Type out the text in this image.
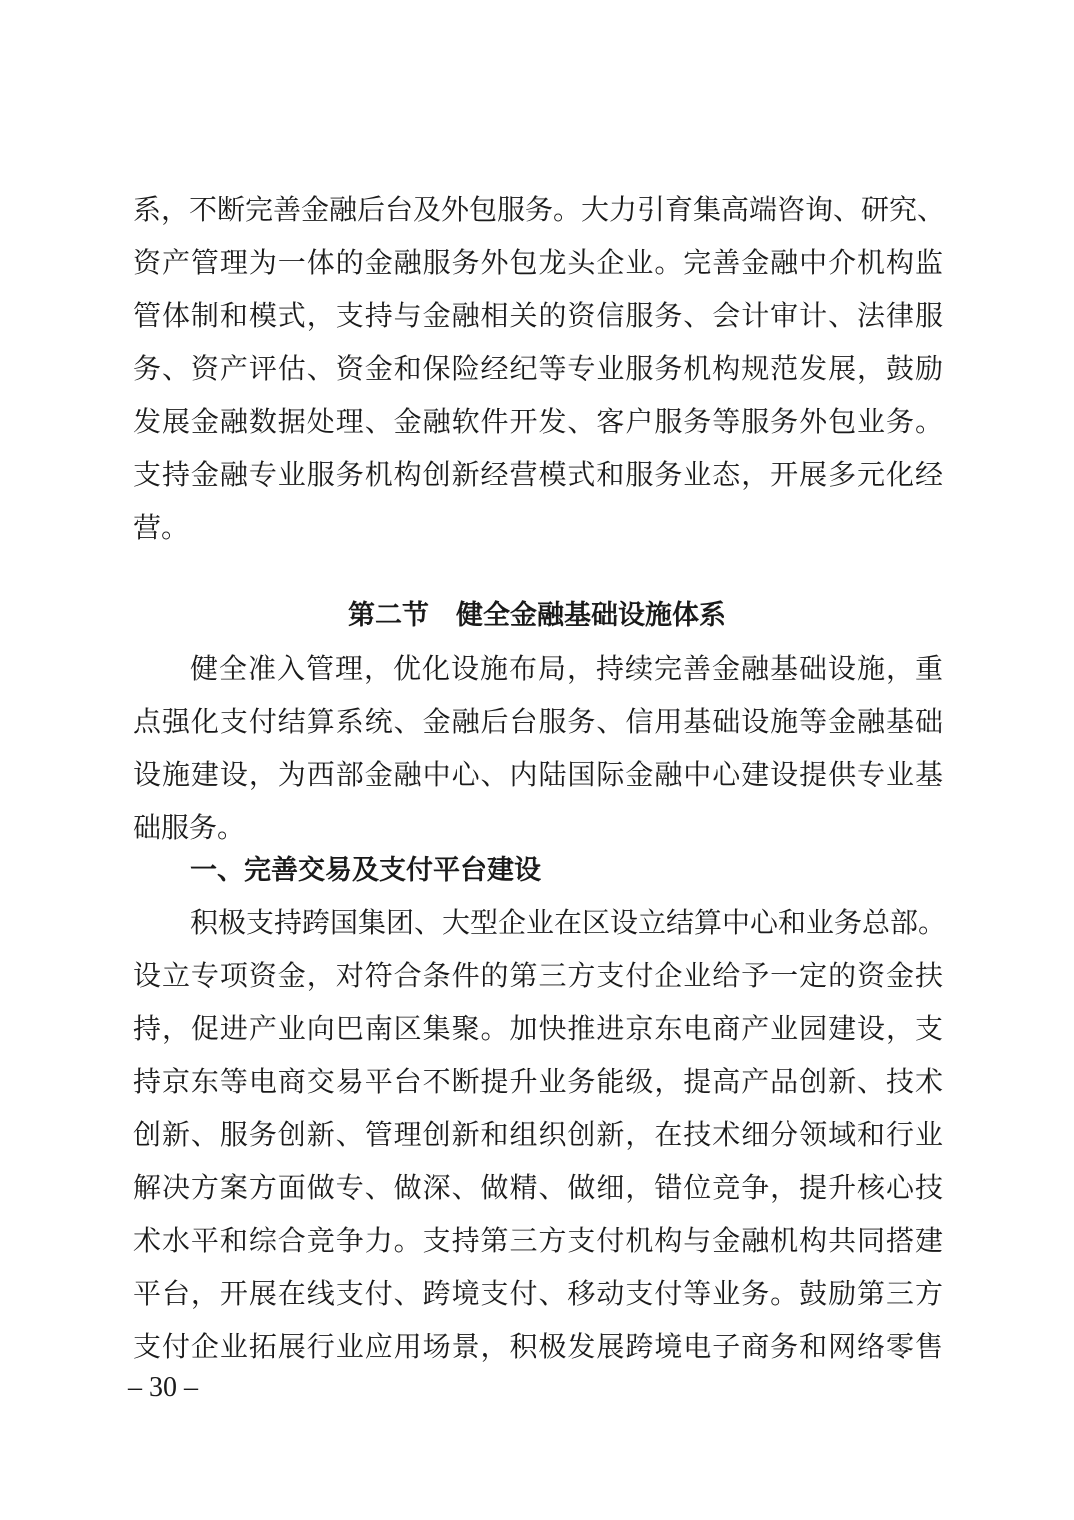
系，不断完善金融后台及外包服务。大力引育集高端咨询、研究、
资产管理为一体的金融服务外包龙头企业。完善金融中介机构监
管体制和模式，支持与金融相关的资信服务、会计审计、法律服
务、资产评估、资金和保险经纪等专业服务机构规范发展，鼓励
发展金融数据处理、金融软件开发、客户服务等服务外包业务。
支持金融专业服务机构创新经营模式和服务业态，开展多元化经
营。
第二节　健全金融基础设施体系
健全准入管理，优化设施布局，持续完善金融基础设施，重
点强化支付结算系统、金融后台服务、信用基础设施等金融基础
设施建设，为西部金融中心、内陆国际金融中心建设提供专业基
础服务。
一、完善交易及支付平台建设
积极支持跨国集团、大型企业在区设立结算中心和业务总部。
设立专项资金，对符合条件的第三方支付企业给予一定的资金扶
持，促进产业向巴南区集聚。加快推进京东电商产业园建设，支
持京东等电商交易平台不断提升业务能级，提高产品创新、技术
创新、服务创新、管理创新和组织创新，在技术细分领域和行业
解决方案方面做专、做深、做精、做细，错位竞争，提升核心技
术水平和综合竞争力。支持第三方支付机构与金融机构共同搭建
平台，开展在线支付、跨境支付、移动支付等业务。鼓励第三方
支付企业拓展行业应用场景，积极发展跨境电子商务和网络零售
– 30 –
